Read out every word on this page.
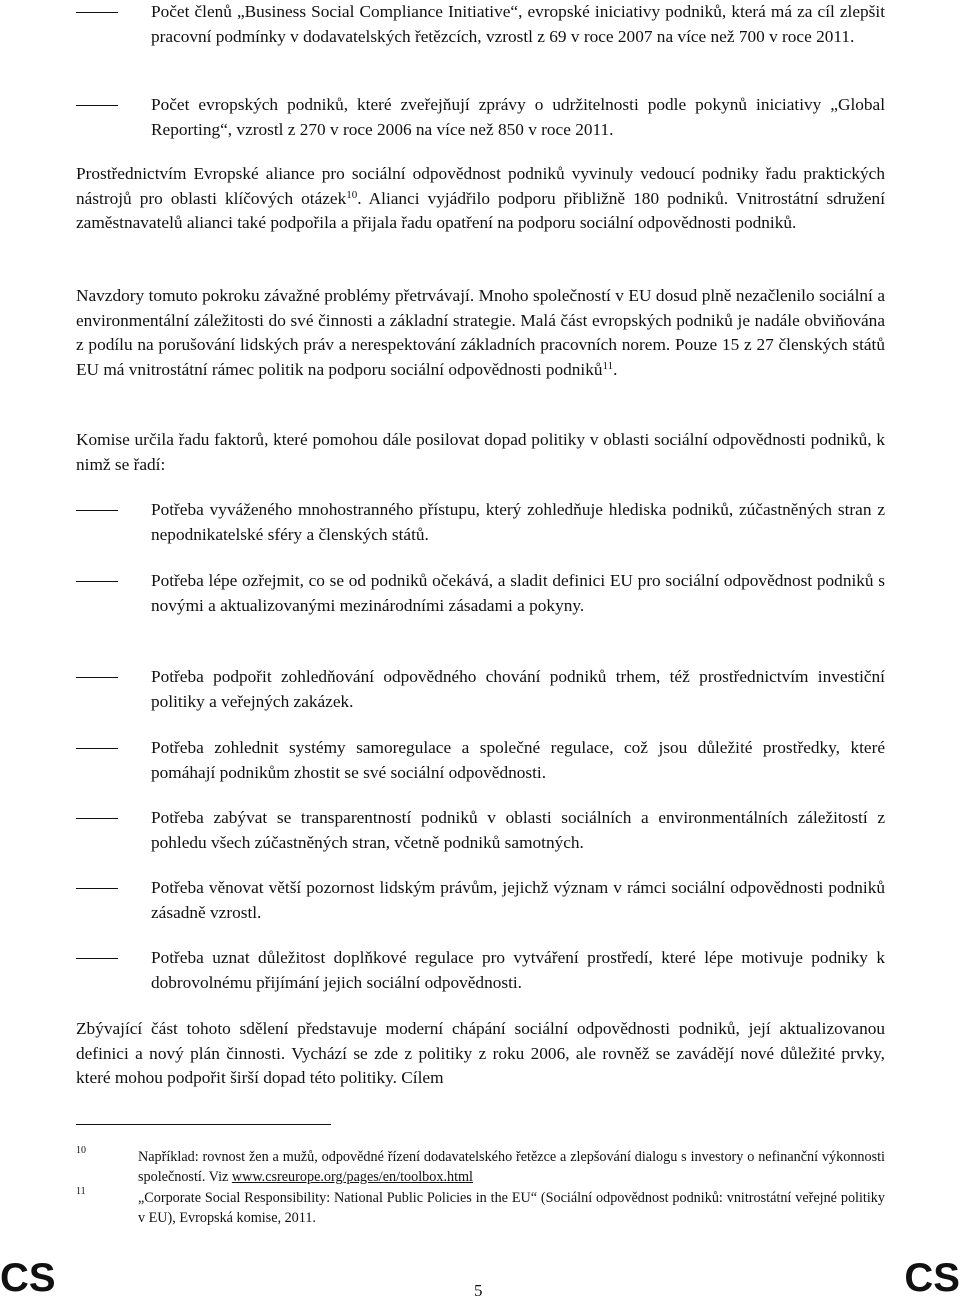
Počet členů „Business Social Compliance Initiative“, evropské iniciativy podniků, která má za cíl zlepšit pracovní podmínky v dodavatelských řetězcích, vzrostl z 69 v roce 2007 na více než 700 v roce 2011.
Počet evropských podniků, které zveřejňují zprávy o udržitelnosti podle pokynů iniciativy „Global Reporting“, vzrostl z 270 v roce 2006 na více než 850 v roce 2011.

Prostřednictvím Evropské aliance pro sociální odpovědnost podniků vyvinuly vedoucí podniky řadu praktických nástrojů pro oblasti klíčových otázek$^{10}$. Alianci vyjádřilo podporu přibližně 180 podniků. Vnitrostátní sdružení zaměstnavatelů alianci také podpořila a přijala řadu opatření na podporu sociální odpovědnosti podniků.

Navzdory tomuto pokroku závažné problémy přetrvávají. Mnoho společností v EU dosud plně nezačlenilo sociální a environmentální záležitosti do své činnosti a základní strategie. Malá část evropských podniků je nadále obviňována z podílu na porušování lidských práv a nerespektování základních pracovních norem. Pouze 15 z 27 členských států EU má vnitrostátní rámec politik na podporu sociální odpovědnosti podniků$^{11}$.

Komise určila řadu faktorů, které pomohou dále posilovat dopad politiky v oblasti sociální odpovědnosti podniků, k nimž se řadí:

Potřeba vyváženého mnohostranného přístupu, který zohledňuje hlediska podniků, zúčastněných stran z nepodnikatelské sféry a členských států.
Potřeba lépe ozřejmit, co se od podniků očekává, a sladit definici EU pro sociální odpovědnost podniků s novými a aktualizovanými mezinárodními zásadami a pokyny.
Potřeba podpořit zohledňování odpovědného chování podniků trhem, též prostřednictvím investiční politiky a veřejných zakázek.
Potřeba zohlednit systémy samoregulace a společné regulace, což jsou důležité prostředky, které pomáhají podnikům zhostit se své sociální odpovědnosti.
Potřeba zabývat se transparentností podniků v oblasti sociálních a environmentálních záležitostí z pohledu všech zúčastněných stran, včetně podniků samotných.
Potřeba věnovat větší pozornost lidským právům, jejichž význam v rámci sociální odpovědnosti podniků zásadně vzrostl.
Potřeba uznat důležitost doplňkové regulace pro vytváření prostředí, které lépe motivuje podniky k dobrovolnému přijímání jejich sociální odpovědnosti.

Zbývající část tohoto sdělení představuje moderní chápání sociální odpovědnosti podniků, její aktualizovanou definici a nový plán činnosti. Vychází se zde z politiky z roku 2006, ale rovněž se zavádějí nové důležité prvky, které mohou podpořit širší dopad této politiky. Cílem

10	Například: rovnost žen a mužů, odpovědné řízení dodavatelského řetězce a zlepšování dialogu s investory o nefinanční výkonnosti společností. Viz www.csreurope.org/pages/en/toolbox.html
11	„Corporate Social Responsibility: National Public Policies in the EU“ (Sociální odpovědnost podniků: vnitrostátní veřejné politiky v EU), Evropská komise, 2011.
CS	5	CS
